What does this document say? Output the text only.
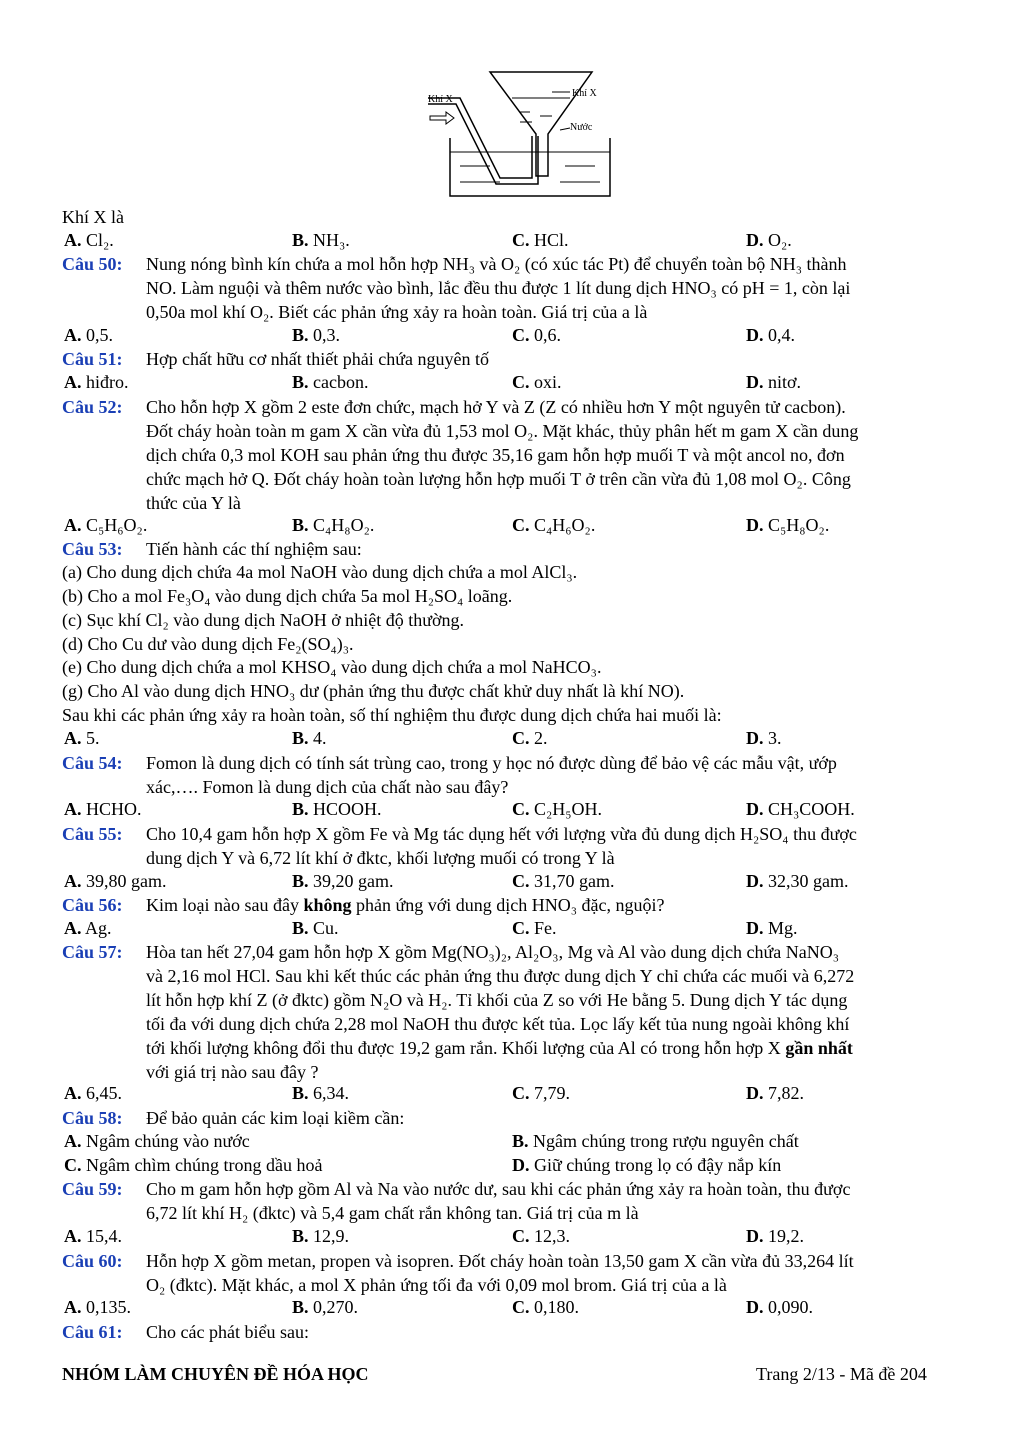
Khí X
Khí X
Nước
Khí X là
A. Cl₂.	B. NH₃.	C. HCl.	D. O₂.
Câu 50: Nung nóng bình kín chứa a mol hỗn hợp NH₃ và O₂ (có xúc tác Pt) để chuyển toàn bộ NH₃ thành
NO. Làm nguội và thêm nước vào bình, lắc đều thu được 1 lít dung dịch HNO₃ có pH = 1, còn lại
0,50a mol khí O₂. Biết các phản ứng xảy ra hoàn toàn. Giá trị của a là
A. 0,5.	B. 0,3.	C. 0,6.	D. 0,4.
Câu 51: Hợp chất hữu cơ nhất thiết phải chứa nguyên tố
A. hiđro.	B. cacbon.	C. oxi.	D. nitơ.
Câu 52: Cho hỗn hợp X gồm 2 este đơn chức, mạch hở Y và Z (Z có nhiều hơn Y một nguyên tử cacbon).
Đốt cháy hoàn toàn m gam X cần vừa đủ 1,53 mol O₂. Mặt khác, thủy phân hết m gam X cần dung
dịch chứa 0,3 mol KOH sau phản ứng thu được 35,16 gam hỗn hợp muối T và một ancol no, đơn
chức mạch hở Q. Đốt cháy hoàn toàn lượng hỗn hợp muối T ở trên cần vừa đủ 1,08 mol O₂. Công
thức của Y là
A. C₅H₆O₂.	B. C₄H₈O₂.	C. C₄H₆O₂.	D. C₅H₈O₂.
Câu 53: Tiến hành các thí nghiệm sau:
(a) Cho dung dịch chứa 4a mol NaOH vào dung dịch chứa a mol AlCl₃.
(b) Cho a mol Fe₃O₄ vào dung dịch chứa 5a mol H₂SO₄ loãng.
(c) Sục khí Cl₂ vào dung dịch NaOH ở nhiệt độ thường.
(d) Cho Cu dư vào dung dịch Fe₂(SO₄)₃.
(e) Cho dung dịch chứa a mol KHSO₄ vào dung dịch chứa a mol NaHCO₃.
(g) Cho Al vào dung dịch HNO₃ dư (phản ứng thu được chất khử duy nhất là khí NO).
Sau khi các phản ứng xảy ra hoàn toàn, số thí nghiệm thu được dung dịch chứa hai muối là:
A. 5.	B. 4.	C. 2.	D. 3.
Câu 54: Fomon là dung dịch có tính sát trùng cao, trong y học nó được dùng để bảo vệ các mẫu vật, ướp
xác,…. Fomon là dung dịch của chất nào sau đây?
A. HCHO.	B. HCOOH.	C. C₂H₅OH.	D. CH₃COOH.
Câu 55: Cho 10,4 gam hỗn hợp X gồm Fe và Mg tác dụng hết với lượng vừa đủ dung dịch H₂SO₄ thu được
dung dịch Y và 6,72 lít khí ở đktc, khối lượng muối có trong Y là
A. 39,80 gam.	B. 39,20 gam.	C. 31,70 gam.	D. 32,30 gam.
Câu 56: Kim loại nào sau đây không phản ứng với dung dịch HNO₃ đặc, nguội?
A. Ag.	B. Cu.	C. Fe.	D. Mg.
Câu 57: Hòa tan hết 27,04 gam hỗn hợp X gồm Mg(NO₃)₂, Al₂O₃, Mg và Al vào dung dịch chứa NaNO₃
và 2,16 mol HCl. Sau khi kết thúc các phản ứng thu được dung dịch Y chỉ chứa các muối và 6,272
lít hỗn hợp khí Z (ở đktc) gồm N₂O và H₂. Tỉ khối của Z so với He bằng 5. Dung dịch Y tác dụng
tối đa với dung dịch chứa 2,28 mol NaOH thu được kết tủa. Lọc lấy kết tủa nung ngoài không khí
tới khối lượng không đổi thu được 19,2 gam rắn. Khối lượng của Al có trong hỗn hợp X gần nhất
với giá trị nào sau đây ?
A. 6,45.	B. 6,34.	C. 7,79.	D. 7,82.
Câu 58: Để bảo quản các kim loại kiềm cần:
A. Ngâm chúng vào nước	B. Ngâm chúng trong rượu nguyên chất
C. Ngâm chìm chúng trong dầu hoả	D. Giữ chúng trong lọ có đậy nắp kín
Câu 59: Cho m gam hỗn hợp gồm Al và Na vào nước dư, sau khi các phản ứng xảy ra hoàn toàn, thu được
6,72 lít khí H₂ (đktc) và 5,4 gam chất rắn không tan. Giá trị của m là
A. 15,4.	B. 12,9.	C. 12,3.	D. 19,2.
Câu 60: Hỗn hợp X gồm metan, propen và isopren. Đốt cháy hoàn toàn 13,50 gam X cần vừa đủ 33,264 lít
O₂ (đktc). Mặt khác, a mol X phản ứng tối đa với 0,09 mol brom. Giá trị của a là
A. 0,135.	B. 0,270.	C. 0,180.	D. 0,090.
Câu 61: Cho các phát biểu sau:
NHÓM LÀM CHUYÊN ĐỀ HÓA HỌC	Trang 2/13 - Mã đề 204
